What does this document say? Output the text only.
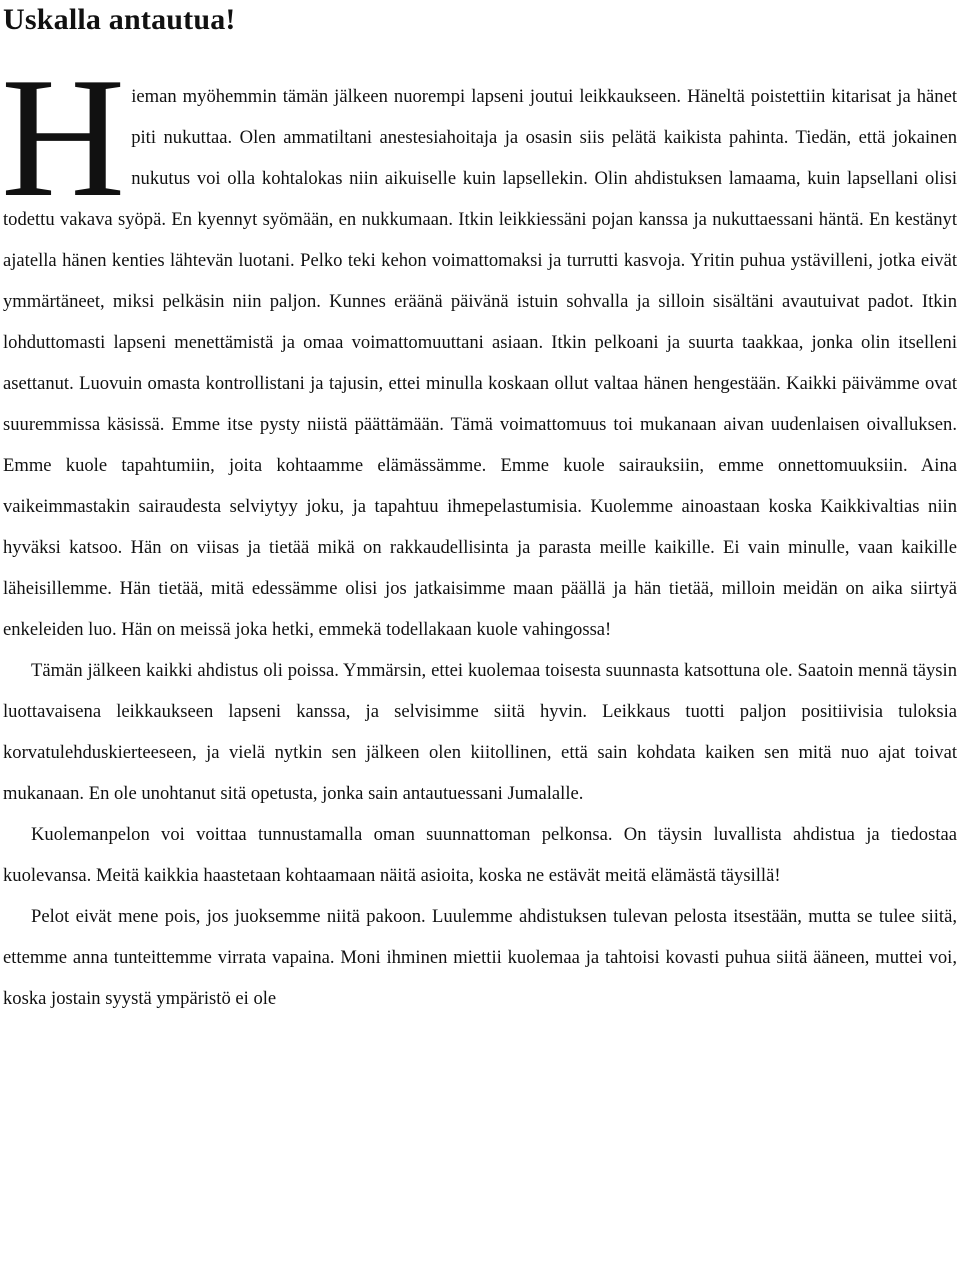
Uskalla antautua!

Hieman myöhemmin tämän jälkeen nuorempi lapseni joutui leikkaukseen. Häneltä poistettiin kitarisat ja hänet piti nukuttaa. Olen ammatiltani anestesiahoitaja ja osasin siis pelätä kaikista pahinta. Tiedän, että jokainen nukutus voi olla kohtalokas niin aikuiselle kuin lapsellekin. Olin ahdistuksen lamaama, kuin lapsellani olisi todettu vakava syöpä. En kyennyt syömään, en nukkumaan. Itkin leikkiessäni pojan kanssa ja nukuttaessani häntä. En kestänyt ajatella hänen kenties lähtevän luotani. Pelko teki kehon voimattomaksi ja turrutti kasvoja. Yritin puhua ystävilleni, jotka eivät ymmärtäneet, miksi pelkäsin niin paljon. Kunnes eräänä päivänä istuin sohvalla ja silloin sisältäni avautuivat padot. Itkin lohduttomasti lapseni menettämistä ja omaa voimattomuuttani asiaan. Itkin pelkoani ja suurta taakkaa, jonka olin itselleni asettanut. Luovuin omasta kontrollistani ja tajusin, ettei minulla koskaan ollut valtaa hänen hengestään. Kaikki päivämme ovat suuremmissa käsissä. Emme itse pysty niistä päättämään. Tämä voimattomuus toi mukanaan aivan uudenlaisen oivalluksen. Emme kuole tapahtumiin, joita kohtaamme elämässämme. Emme kuole sairauksiin, emme onnettomuuksiin. Aina vaikeimmastakin sairaudesta selviytyy joku, ja tapahtuu ihmepelastumisia. Kuolemme ainoastaan koska Kaikkivaltias niin hyväksi katsoo. Hän on viisas ja tietää mikä on rakkaudellisinta ja parasta meille kaikille. Ei vain minulle, vaan kaikille läheisillemme. Hän tietää, mitä edessämme olisi jos jatkaisimme maan päällä ja hän tietää, milloin meidän on aika siirtyä enkeleiden luo. Hän on meissä joka hetki, emmekä todellakaan kuole vahingossa!

Tämän jälkeen kaikki ahdistus oli poissa. Ymmärsin, ettei kuolemaa toisesta suunnasta katsottuna ole. Saatoin mennä täysin luottavaisena leikkaukseen lapseni kanssa, ja selvisimme siitä hyvin. Leikkaus tuotti paljon positiivisia tuloksia korvatulehduskierteeseen, ja vielä nytkin sen jälkeen olen kiitollinen, että sain kohdata kaiken sen mitä nuo ajat toivat mukanaan. En ole unohtanut sitä opetusta, jonka sain antautuessani Jumalalle.

Kuolemanpelon voi voittaa tunnustamalla oman suunnattoman pelkonsa. On täysin luvallista ahdistua ja tiedostaa kuolevansa. Meitä kaikkia haastetaan kohtaamaan näitä asioita, koska ne estävät meitä elämästä täysillä!

Pelot eivät mene pois, jos juoksemme niitä pakoon. Luulemme ahdistuksen tulevan pelosta itsestään, mutta se tulee siitä, ettemme anna tunteittemme virrata vapaina. Moni ihminen miettii kuolemaa ja tahtoisi kovasti puhua siitä ääneen, muttei voi, koska jostain syystä ympäristö ei ole
